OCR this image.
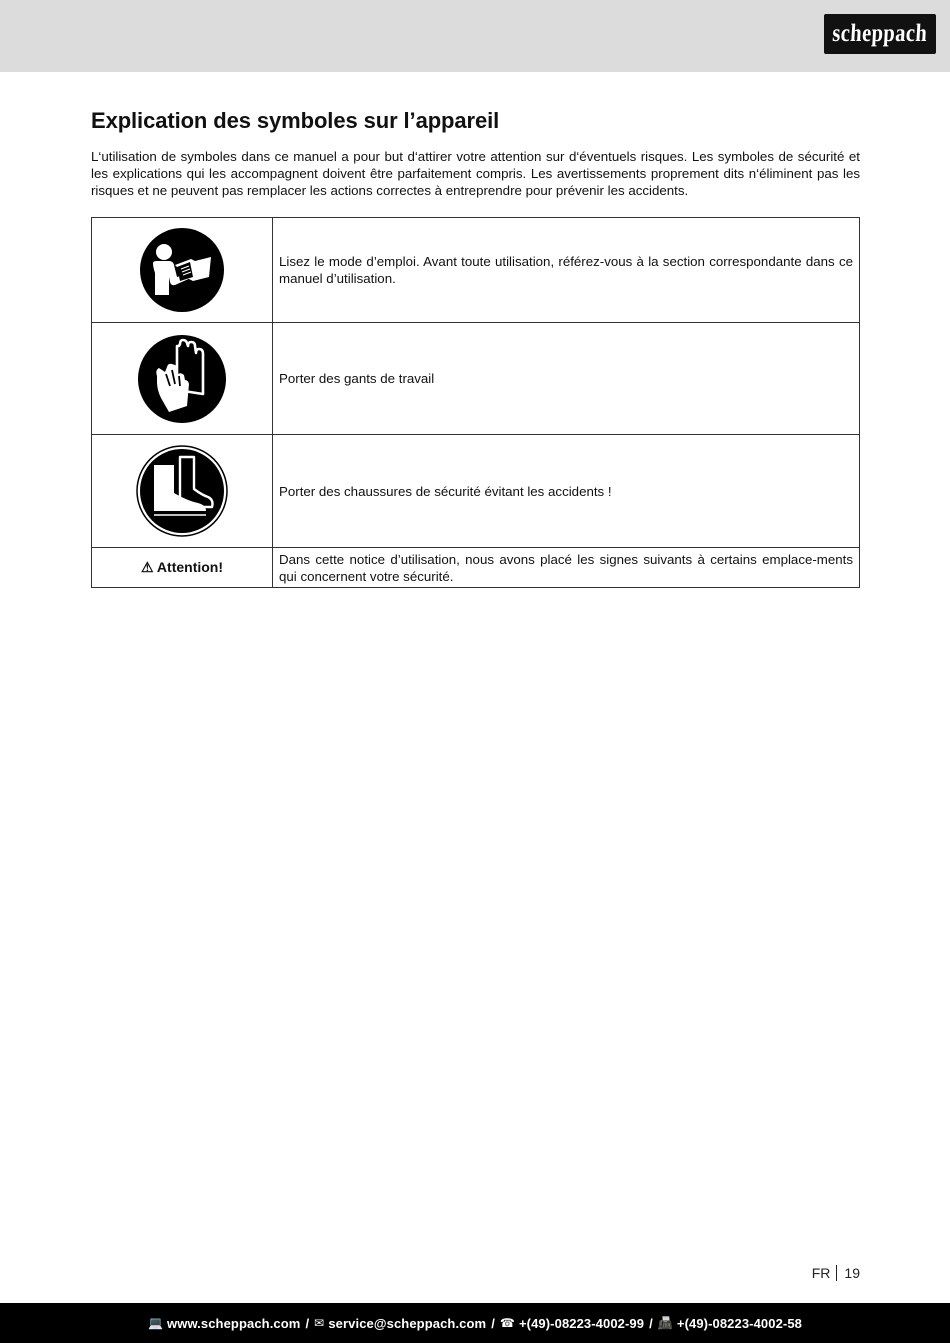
scheppach
Explication des symboles sur l’appareil

L‘utilisation de symboles dans ce manuel a pour but d‘attirer votre attention sur d‘éventuels risques. Les symboles de sécurité et les explications qui les accompagnent doivent être parfaitement compris. Les avertissements proprement dits n‘éliminent pas les risques et ne peuvent pas remplacer les actions correctes à entreprendre pour prévenir les accidents.

	Lisez le mode d’emploi. Avant toute utilisation, référez-vous à la section correspondante dans ce manuel d’utilisation.

	Porter des gants de travail

	Porter des chaussures de sécurité évitant les accidents !
⚠ Attention!	Dans cette notice d’utilisation, nous avons placé les signes suivants à certains emplace-ments qui concernent votre sécurité.
FR 19
💻 www.scheppach.com / ✉ service@scheppach.com / ☎ +(49)-08223-4002-99 / 📠 +(49)-08223-4002-58
